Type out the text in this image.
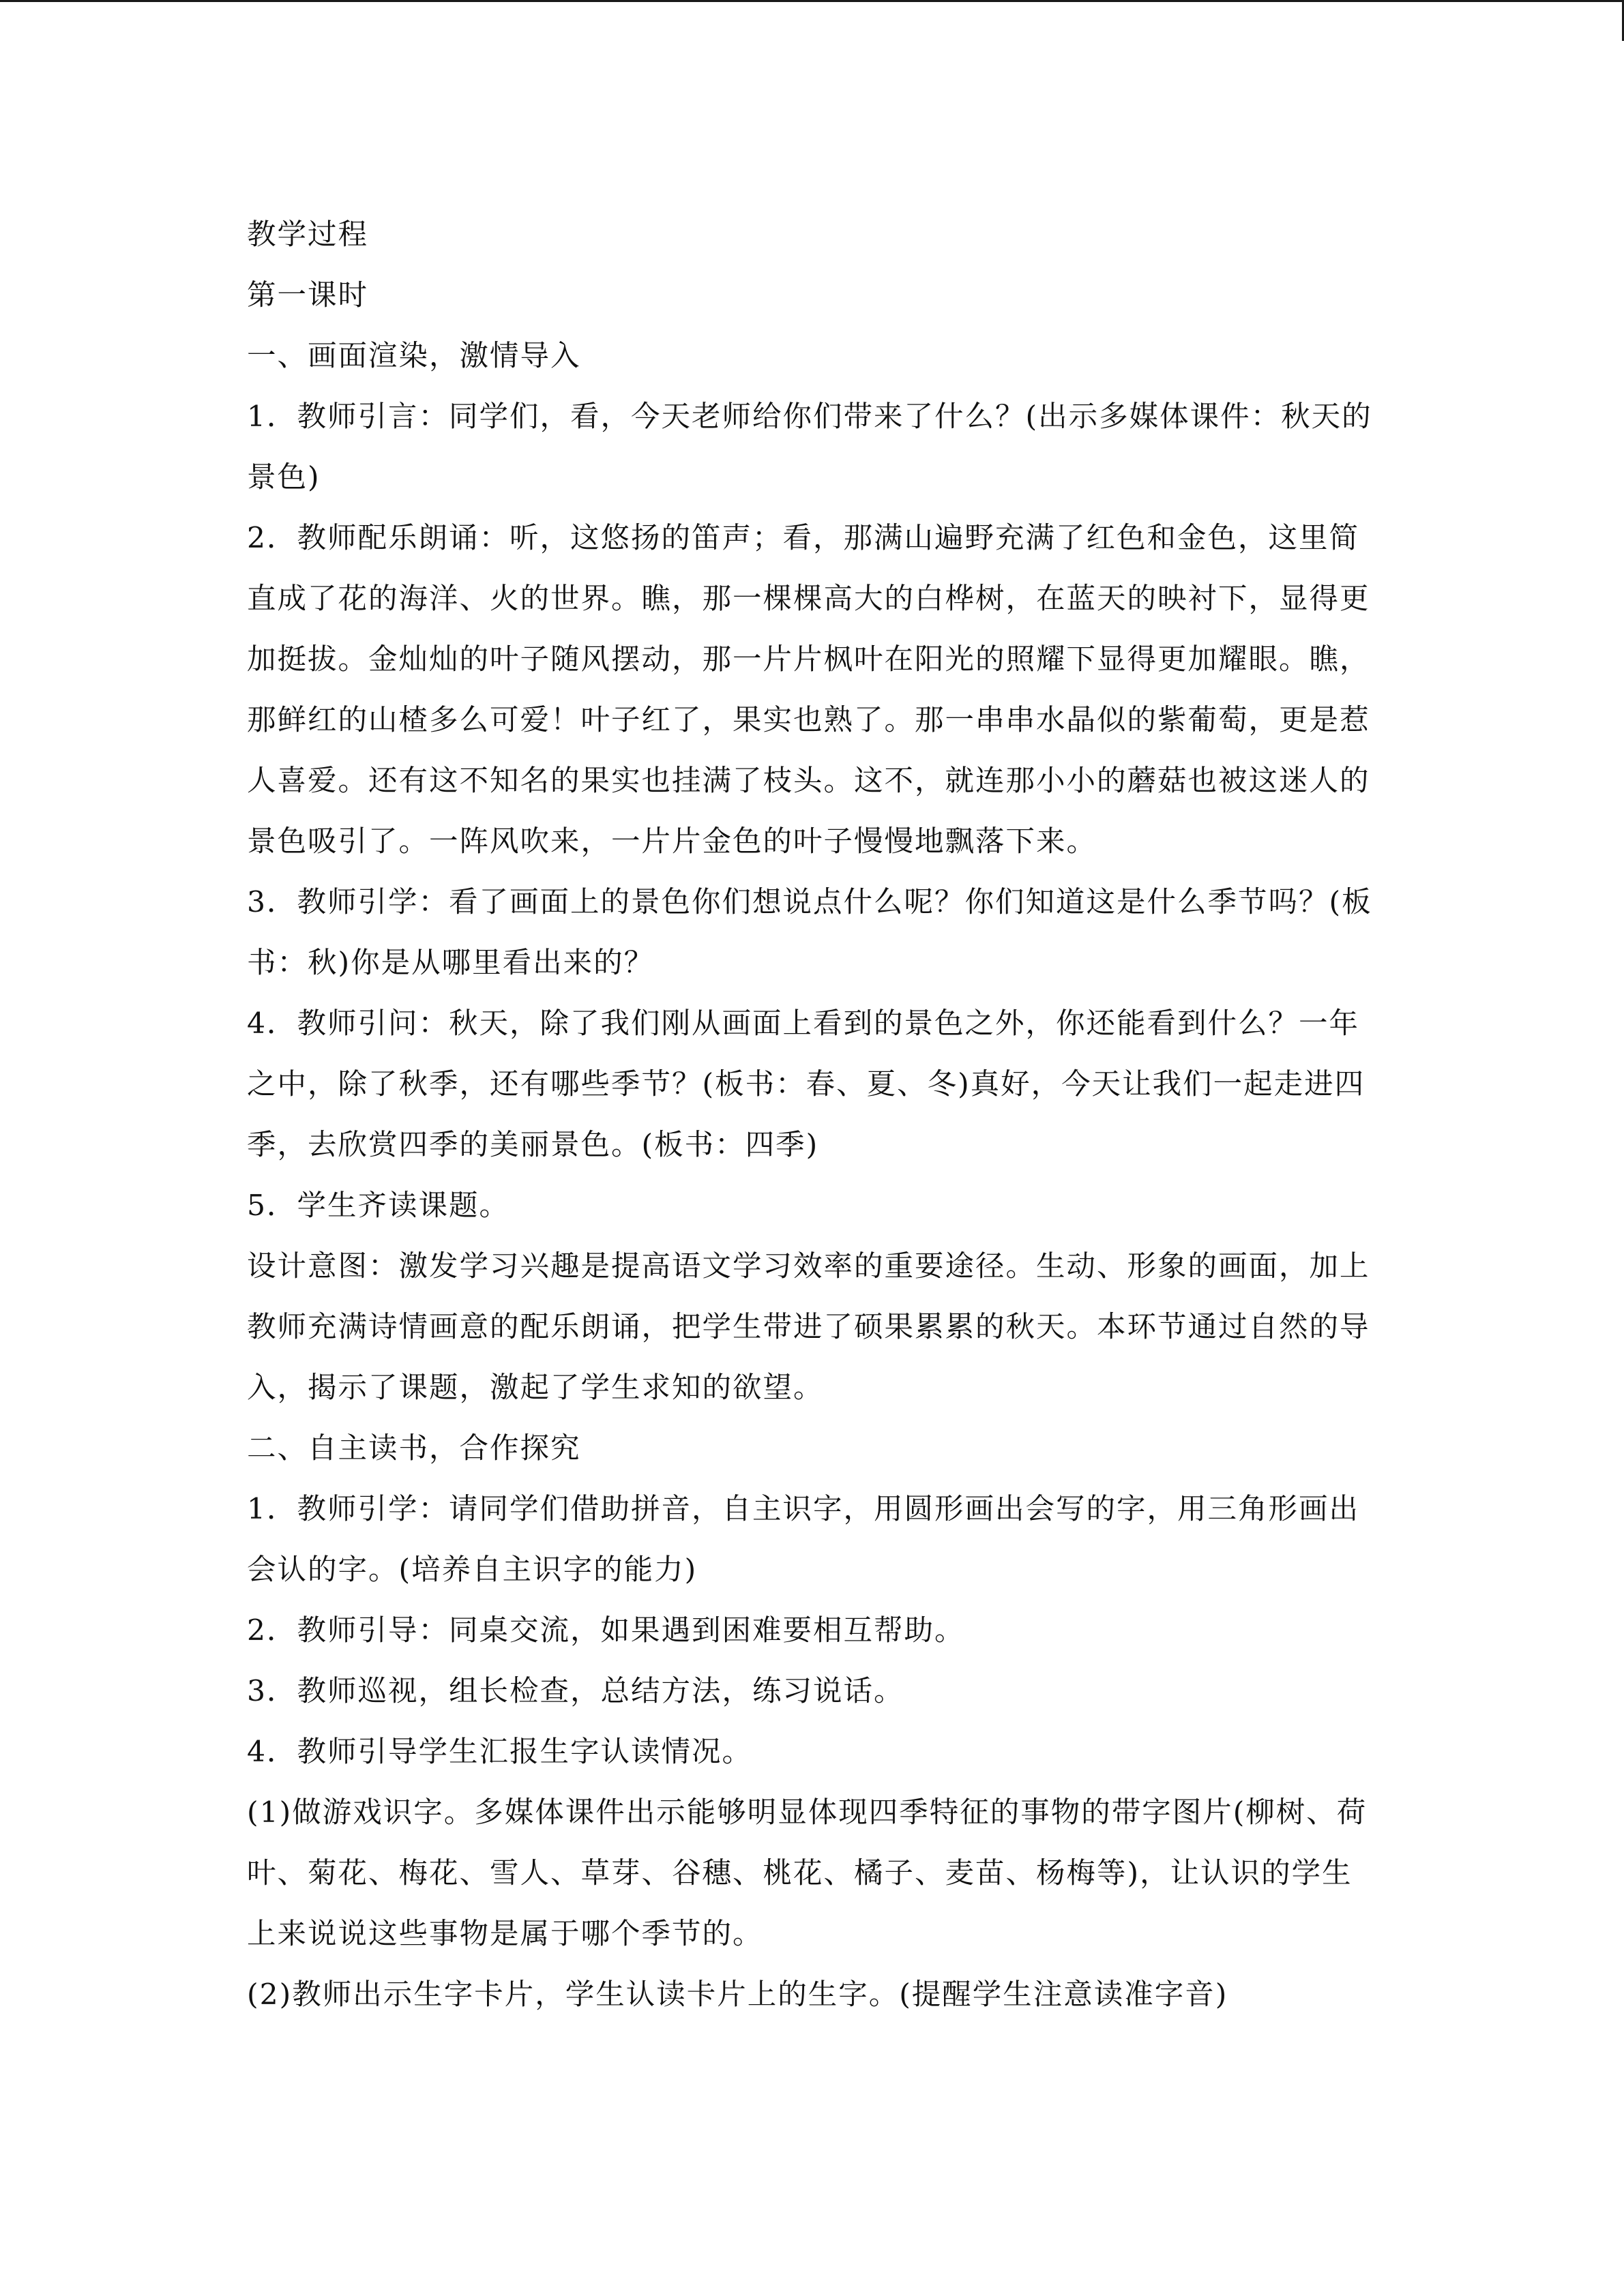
教学过程

第一课时

一、画面渲染，激情导入

1．教师引言：同学们，看，今天老师给你们带来了什么？(出示多媒体课件：秋天的景色)

2．教师配乐朗诵：听，这悠扬的笛声；看，那满山遍野充满了红色和金色，这里简直成了花的海洋、火的世界。瞧，那一棵棵高大的白桦树，在蓝天的映衬下，显得更加挺拔。金灿灿的叶子随风摆动，那一片片枫叶在阳光的照耀下显得更加耀眼。瞧，那鲜红的山楂多么可爱！叶子红了，果实也熟了。那一串串水晶似的紫葡萄，更是惹人喜爱。还有这不知名的果实也挂满了枝头。这不，就连那小小的蘑菇也被这迷人的景色吸引了。一阵风吹来，一片片金色的叶子慢慢地飘落下来。

3．教师引学：看了画面上的景色你们想说点什么呢？你们知道这是什么季节吗？(板书：秋)你是从哪里看出来的？

4．教师引问：秋天，除了我们刚从画面上看到的景色之外，你还能看到什么？一年之中，除了秋季，还有哪些季节？(板书：春、夏、冬)真好，今天让我们一起走进四季，去欣赏四季的美丽景色。(板书：四季)

5．学生齐读课题。

设计意图：激发学习兴趣是提高语文学习效率的重要途径。生动、形象的画面，加上教师充满诗情画意的配乐朗诵，把学生带进了硕果累累的秋天。本环节通过自然的导入，揭示了课题，激起了学生求知的欲望。

二、自主读书，合作探究

1．教师引学：请同学们借助拼音，自主识字，用圆形画出会写的字，用三角形画出会认的字。(培养自主识字的能力)

2．教师引导：同桌交流，如果遇到困难要相互帮助。

3．教师巡视，组长检查，总结方法，练习说话。

4．教师引导学生汇报生字认读情况。

(1)做游戏识字。多媒体课件出示能够明显体现四季特征的事物的带字图片(柳树、荷叶、菊花、梅花、雪人、草芽、谷穗、桃花、橘子、麦苗、杨梅等)，让认识的学生上来说说这些事物是属于哪个季节的。

(2)教师出示生字卡片，学生认读卡片上的生字。(提醒学生注意读准字音)
